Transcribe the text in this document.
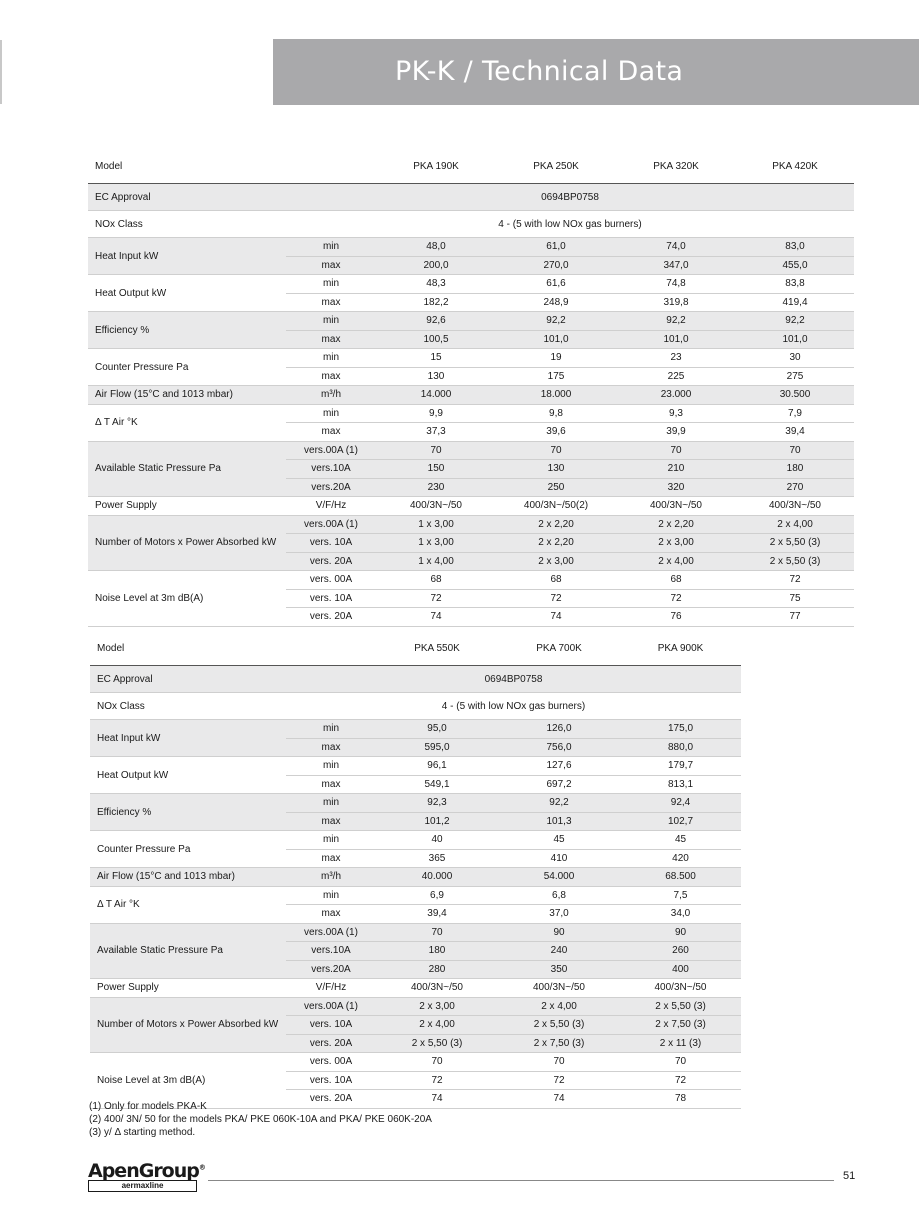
PK-K / Technical Data
Model		PKA 190K	PKA 250K	PKA 320K	PKA 420K
EC Approval	0694BP0758				
NOx Class	4 - (5 with low NOx gas burners)				
Heat Input kW	min	48,0	61,0	74,0	83,0
	max	200,0	270,0	347,0	455,0
Heat Output kW	min	48,3	61,6	74,8	83,8
	max	182,2	248,9	319,8	419,4
Efficiency %	min	92,6	92,2	92,2	92,2
	max	100,5	101,0	101,0	101,0
Counter Pressure Pa	min	15	19	23	30
	max	130	175	225	275
Air Flow (15°C and 1013 mbar)	m³/h	14.000	18.000	23.000	30.500
Δ T Air °K	min	9,9	9,8	9,3	7,9
	max	37,3	39,6	39,9	39,4
Available Static Pressure Pa	vers.00A (1)	70	70	70	70
	vers.10A	150	130	210	180
	vers.20A	230	250	320	270
Power Supply	V/F/Hz	400/3N~/50	400/3N~/50(2)	400/3N~/50	400/3N~/50
Number of Motors x Power Absorbed kW	vers.00A (1)	1 x 3,00	2 x 2,20	2 x 2,20	2 x 4,00
	vers. 10A	1 x 3,00	2 x 2,20	2 x 3,00	2 x 5,50 (3)
	vers. 20A	1 x 4,00	2 x 3,00	2 x 4,00	2 x 5,50 (3)
Noise Level at 3m dB(A)	vers. 00A	68	68	68	72
	vers. 10A	72	72	72	75
	vers. 20A	74	74	76	77
Model		PKA 550K	PKA 700K	PKA 900K
EC Approval	0694BP0758			
NOx Class	4 - (5 with low NOx gas burners)			
Heat Input kW	min	95,0	126,0	175,0
	max	595,0	756,0	880,0
Heat Output kW	min	96,1	127,6	179,7
	max	549,1	697,2	813,1
Efficiency %	min	92,3	92,2	92,4
	max	101,2	101,3	102,7
Counter Pressure Pa	min	40	45	45
	max	365	410	420
Air Flow (15°C and 1013 mbar)	m³/h	40.000	54.000	68.500
Δ T Air °K	min	6,9	6,8	7,5
	max	39,4	37,0	34,0
Available Static Pressure Pa	vers.00A (1)	70	90	90
	vers.10A	180	240	260
	vers.20A	280	350	400
Power Supply	V/F/Hz	400/3N~/50	400/3N~/50	400/3N~/50
Number of Motors x Power Absorbed kW	vers.00A (1)	2 x 3,00	2 x 4,00	2 x 5,50 (3)
	vers. 10A	2 x 4,00	2 x 5,50 (3)	2 x 7,50 (3)
	vers. 20A	2 x 5,50 (3)	2 x 7,50 (3)	2 x 11 (3)
Noise Level at 3m dB(A)	vers. 00A	70	70	70
	vers. 10A	72	72	72
	vers. 20A	74	74	78
(1) Only for models PKA-K
(2) 400/ 3N/ 50 for the models PKA/ PKE 060K-10A and PKA/ PKE 060K-20A
(3) y/ Δ starting method.
ApenGroup®
aermaxline
51
